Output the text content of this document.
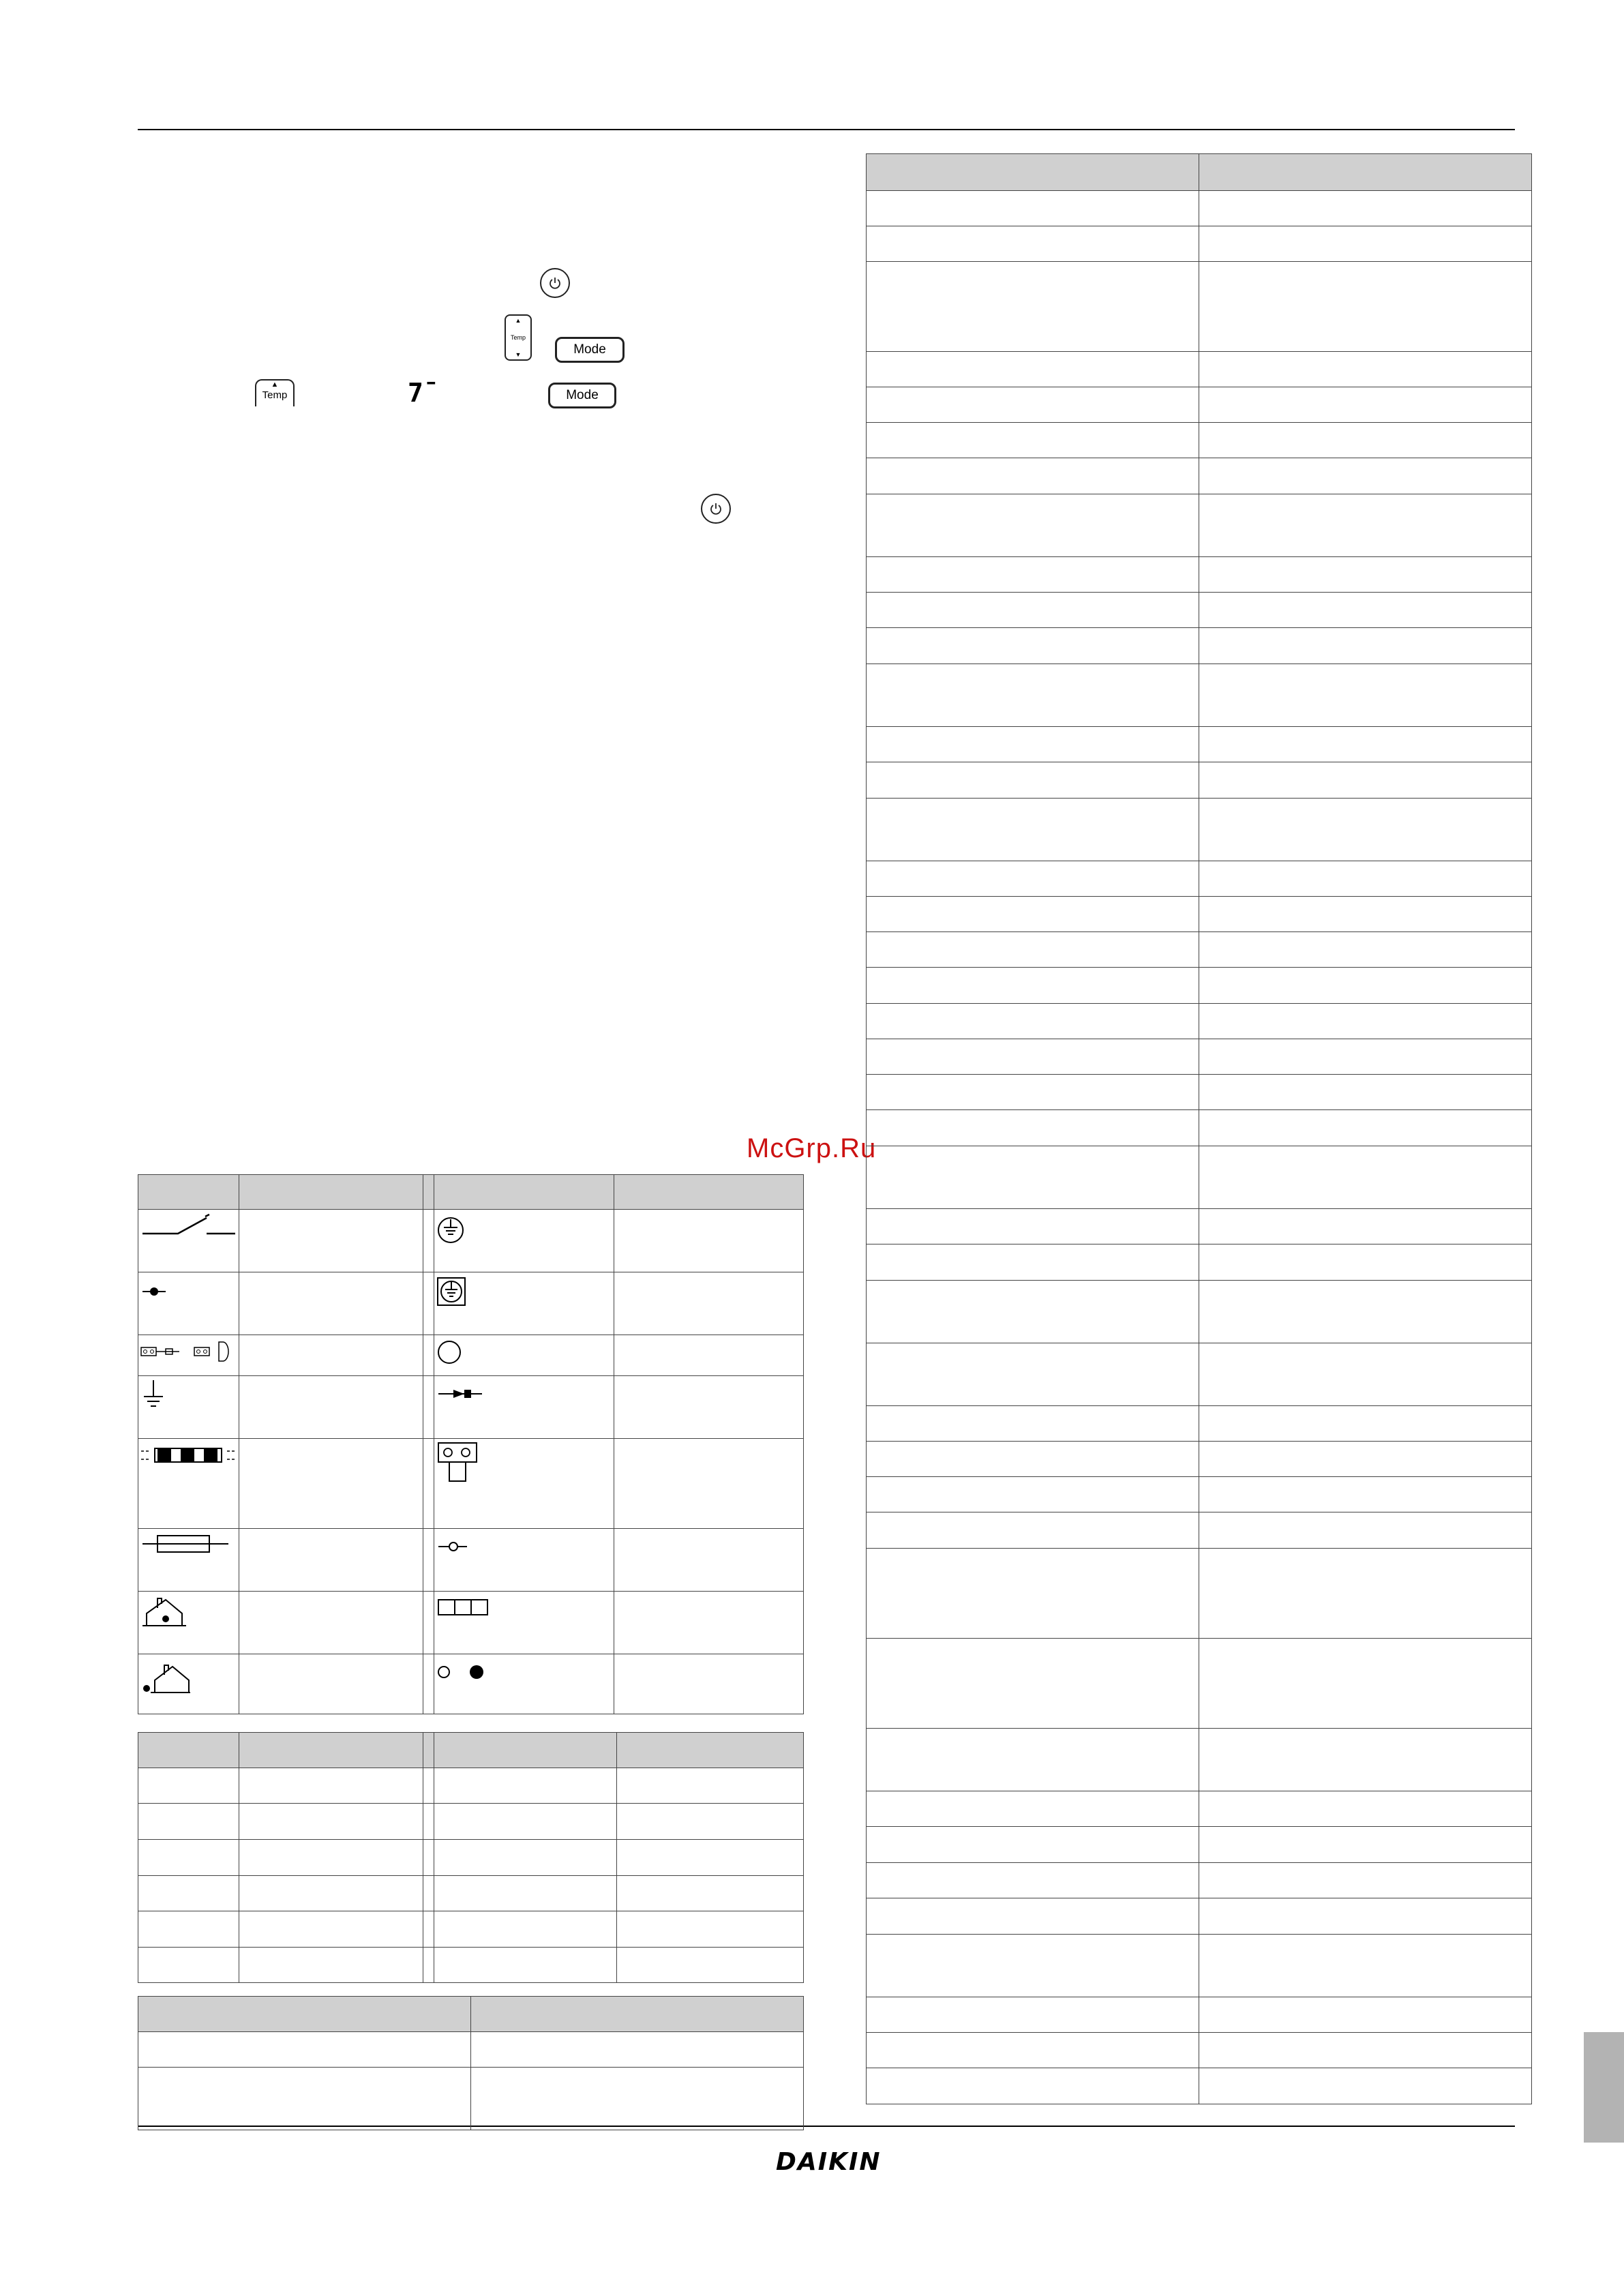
▲
Temp
▼	Mode
▲
Temp	7¯	Mode
McGrp.Ru

DAIKIN
